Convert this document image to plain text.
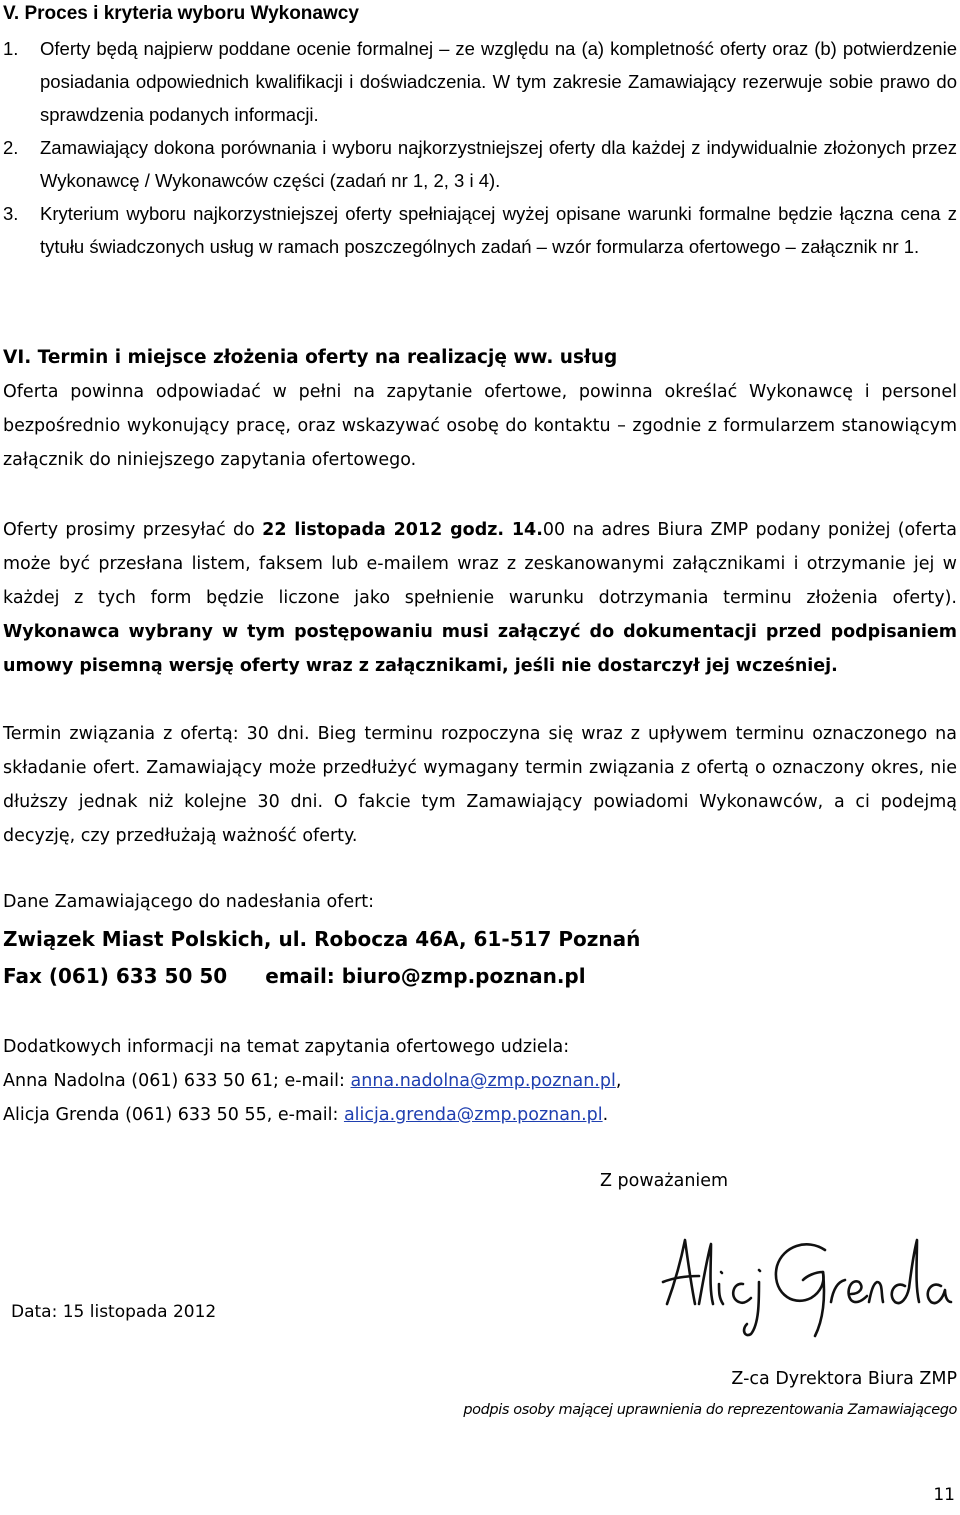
V. Proces i kryteria wyboru Wykonawcy
1. Oferty będą najpierw poddane ocenie formalnej – ze względu na (a) kompletność oferty oraz (b) potwierdzenie posiadania odpowiednich kwalifikacji i doświadczenia. W tym zakresie Zamawiający rezerwuje sobie prawo do sprawdzenia podanych informacji.
2. Zamawiający dokona porównania i wyboru najkorzystniejszej oferty dla każdej z indywidualnie złożonych przez Wykonawcę / Wykonawców części (zadań nr 1, 2, 3 i 4).
3. Kryterium wyboru najkorzystniejszej oferty spełniającej wyżej opisane warunki formalne będzie łączna cena z tytułu świadczonych usług w ramach poszczególnych zadań – wzór formularza ofertowego – załącznik nr 1.
VI. Termin i miejsce złożenia oferty na realizację ww. usług

Oferta powinna odpowiadać w pełni na zapytanie ofertowe, powinna określać Wykonawcę i personel bezpośrednio wykonujący pracę, oraz wskazywać osobę do kontaktu – zgodnie z formularzem stanowiącym załącznik do niniejszego zapytania ofertowego.

Oferty prosimy przesyłać do 22 listopada 2012 godz. 14.00 na adres Biura ZMP podany poniżej (oferta może być przesłana listem, faksem lub e-mailem wraz z zeskanowanymi załącznikami i otrzymanie jej w każdej z tych form będzie liczone jako spełnienie warunku dotrzymania terminu złożenia oferty). Wykonawca wybrany w tym postępowaniu musi załączyć do dokumentacji przed podpisaniem umowy pisemną wersję oferty wraz z załącznikami, jeśli nie dostarczył jej wcześniej.

Termin związania z ofertą: 30 dni. Bieg terminu rozpoczyna się wraz z upływem terminu oznaczonego na składanie ofert. Zamawiający może przedłużyć wymagany termin związania z ofertą o oznaczony okres, nie dłuższy jednak niż kolejne 30 dni. O fakcie tym Zamawiający powiadomi Wykonawców, a ci podejmą decyzję, czy przedłużają ważność oferty.

Dane Zamawiającego do nadesłania ofert:
Związek Miast Polskich, ul. Robocza 46A, 61-517 Poznań
Fax (061) 633 50 50 email: biuro@zmp.poznan.pl
Dodatkowych informacji na temat zapytania ofertowego udziela:
Anna Nadolna (061) 633 50 61; e-mail: anna.nadolna@zmp.poznan.pl,
Alicja Grenda (061) 633 50 55, e-mail: alicja.grenda@zmp.poznan.pl.
Z poważaniem
Data: 15 listopada 2012
Z-ca Dyrektora Biura ZMP
podpis osoby mającej uprawnienia do reprezentowania Zamawiającego
11
